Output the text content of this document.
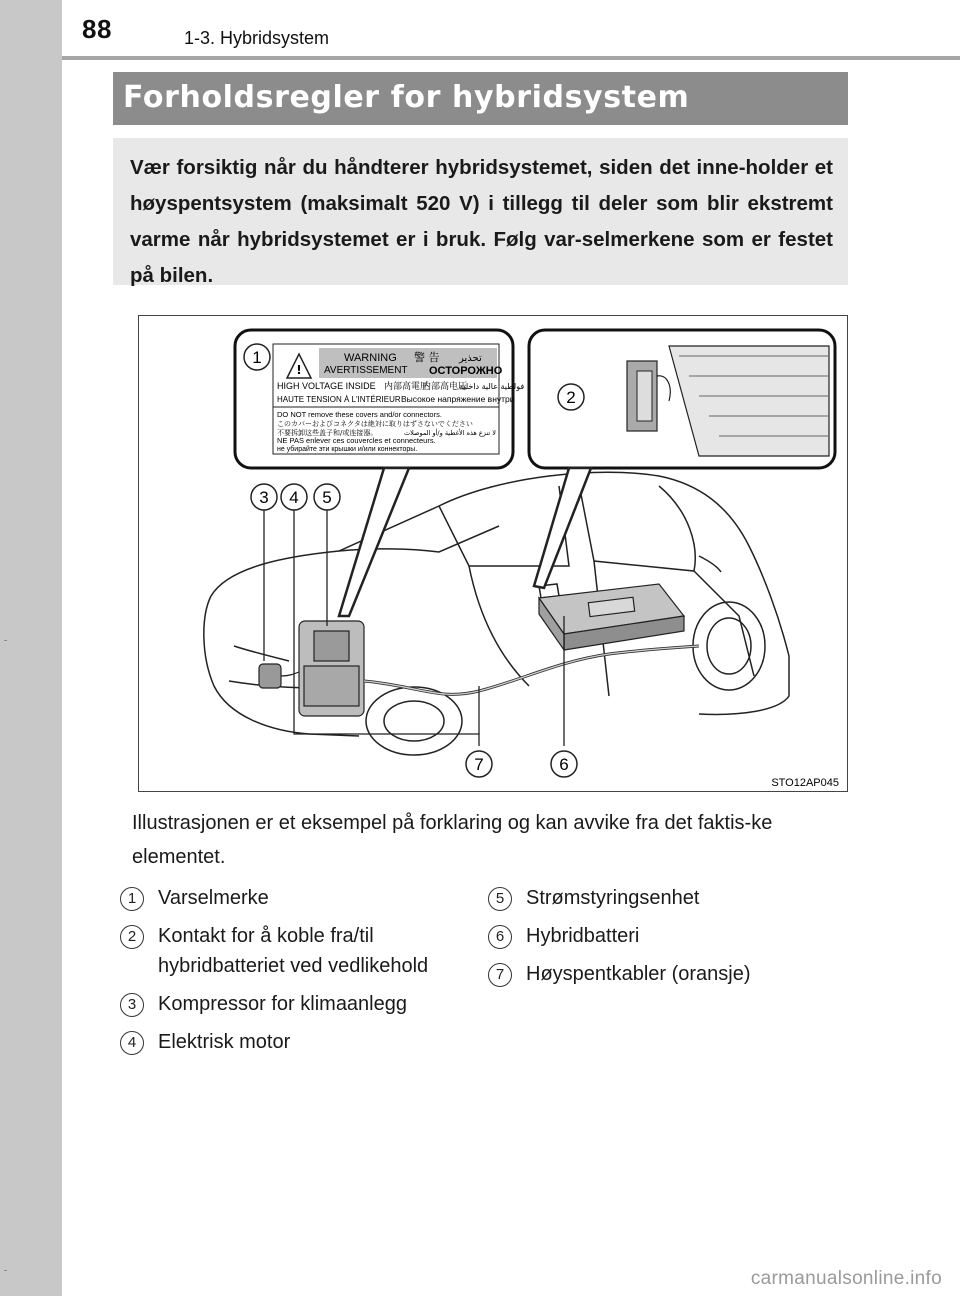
88	1-3. Hybridsystem
Forholdsregler for hybridsystem

Vær forsiktig når du håndterer hybridsystemet, siden det inne-holder et høyspentsystem (maksimalt 520 V) i tillegg til deler som blir ekstremt varme når hybridsystemet er i bruk. Følg var-selmerkene som er festet på bilen.

!
WARNING 警 告 تحذير
AVERTISSEMENT ОСТОРОЖНО
HIGH VOLTAGE INSIDE 内部高電圧
内部高电压
فولطية عالية داخلية
HAUTE TENSION À L'INTÉRIEUR Высокое напряжение внутри
DO NOT remove these covers and/or connectors.
このカバーおよびコネクタは絶対に取りはずさないでください
不要拆卸这些盖子和/或连接器。	لا تنزع هذه الأغطية و/أو الموصلات
NE PAS enlever ces couvercles et connecteurs.
не убирайте эти крышки и/или коннекторы.
1
2
3 4 5
6
7
STO12AP045
Illustrasjonen er et eksempel på forklaring og kan avvike fra det faktis-ke elementet.
1	Varselmerke
2	Kontakt for å koble fra/til hybridbatteriet ved vedlikehold
3	Kompressor for klimaanlegg
4	Elektrisk motor
5	Strømstyringsenhet
6	Hybridbatteri
7	Høyspentkabler (oransje)
carmanualsonline.info
